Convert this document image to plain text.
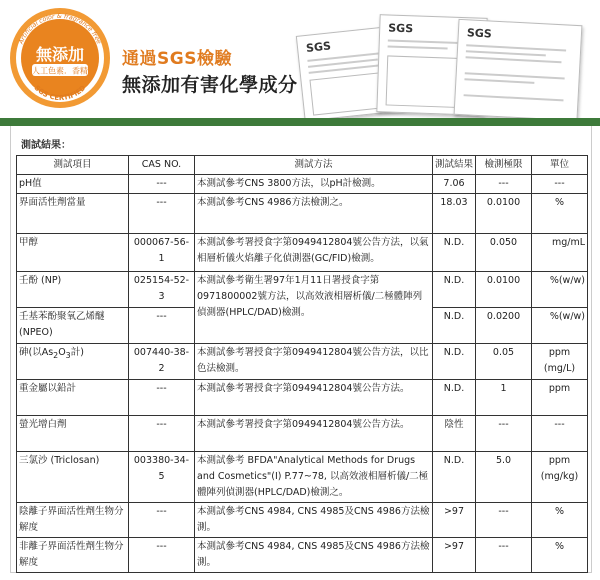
Artificial color & fragrance free
無添加
人工色素．香精
SGS CERTIFIED
通過SGS檢驗
無添加有害化學成分
SGS
SGS	SGS
測試結果：
測試項目	CAS NO.	測試方法	測試結果	檢測極限	單位
pH值	---	本測試參考CNS 3800方法，以pH計檢測。	7.06	---	---
界面活性劑當量	---	本測試參考CNS 4986方法檢測之。	18.03	0.0100	%
甲醇	000067-56-1	本測試參考署授食字第0949412804號公告方法，以氣相層析儀火焰離子化偵測器(GC/FID)檢測。	N.D.	0.050	mg/mL
壬酚 (NP)	025154-52-3	本測試參考衛生署97年1月11日署授食字第0971800002號方法，以高效液相層析儀/二極體陣列偵測器(HPLC/DAD)檢測。	N.D.	0.0100	%(w/w)
壬基苯酚聚氧乙烯醚(NPEO)	---		N.D.	0.0200	%(w/w)
砷(以$As_2O_3$計)	007440-38-2	本測試參考署授食字第0949412804號公告方法，以比色法檢測。	N.D.	0.05	ppm (mg/L)
重金屬以鉛計	---	本測試參考署授食字第0949412804號公告方法。	N.D.	1	ppm
螢光增白劑	---	本測試參考署授食字第0949412804號公告方法。	陰性	---	---
三氯沙 (Triclosan)	003380-34-5	本測試參考 BFDA"Analytical Methods for Drugs and Cosmetics"(Ⅰ) P.77~78, 以高效液相層析儀/二極體陣列偵測器(HPLC/DAD)檢測之。	N.D.	5.0	ppm (mg/kg)
陰離子界面活性劑生物分解度	---	本測試參考CNS 4984, CNS 4985及CNS 4986方法檢測。	>97	---	%
非離子界面活性劑生物分解度	---	本測試參考CNS 4984, CNS 4985及CNS 4986方法檢測。	>97	---	%
